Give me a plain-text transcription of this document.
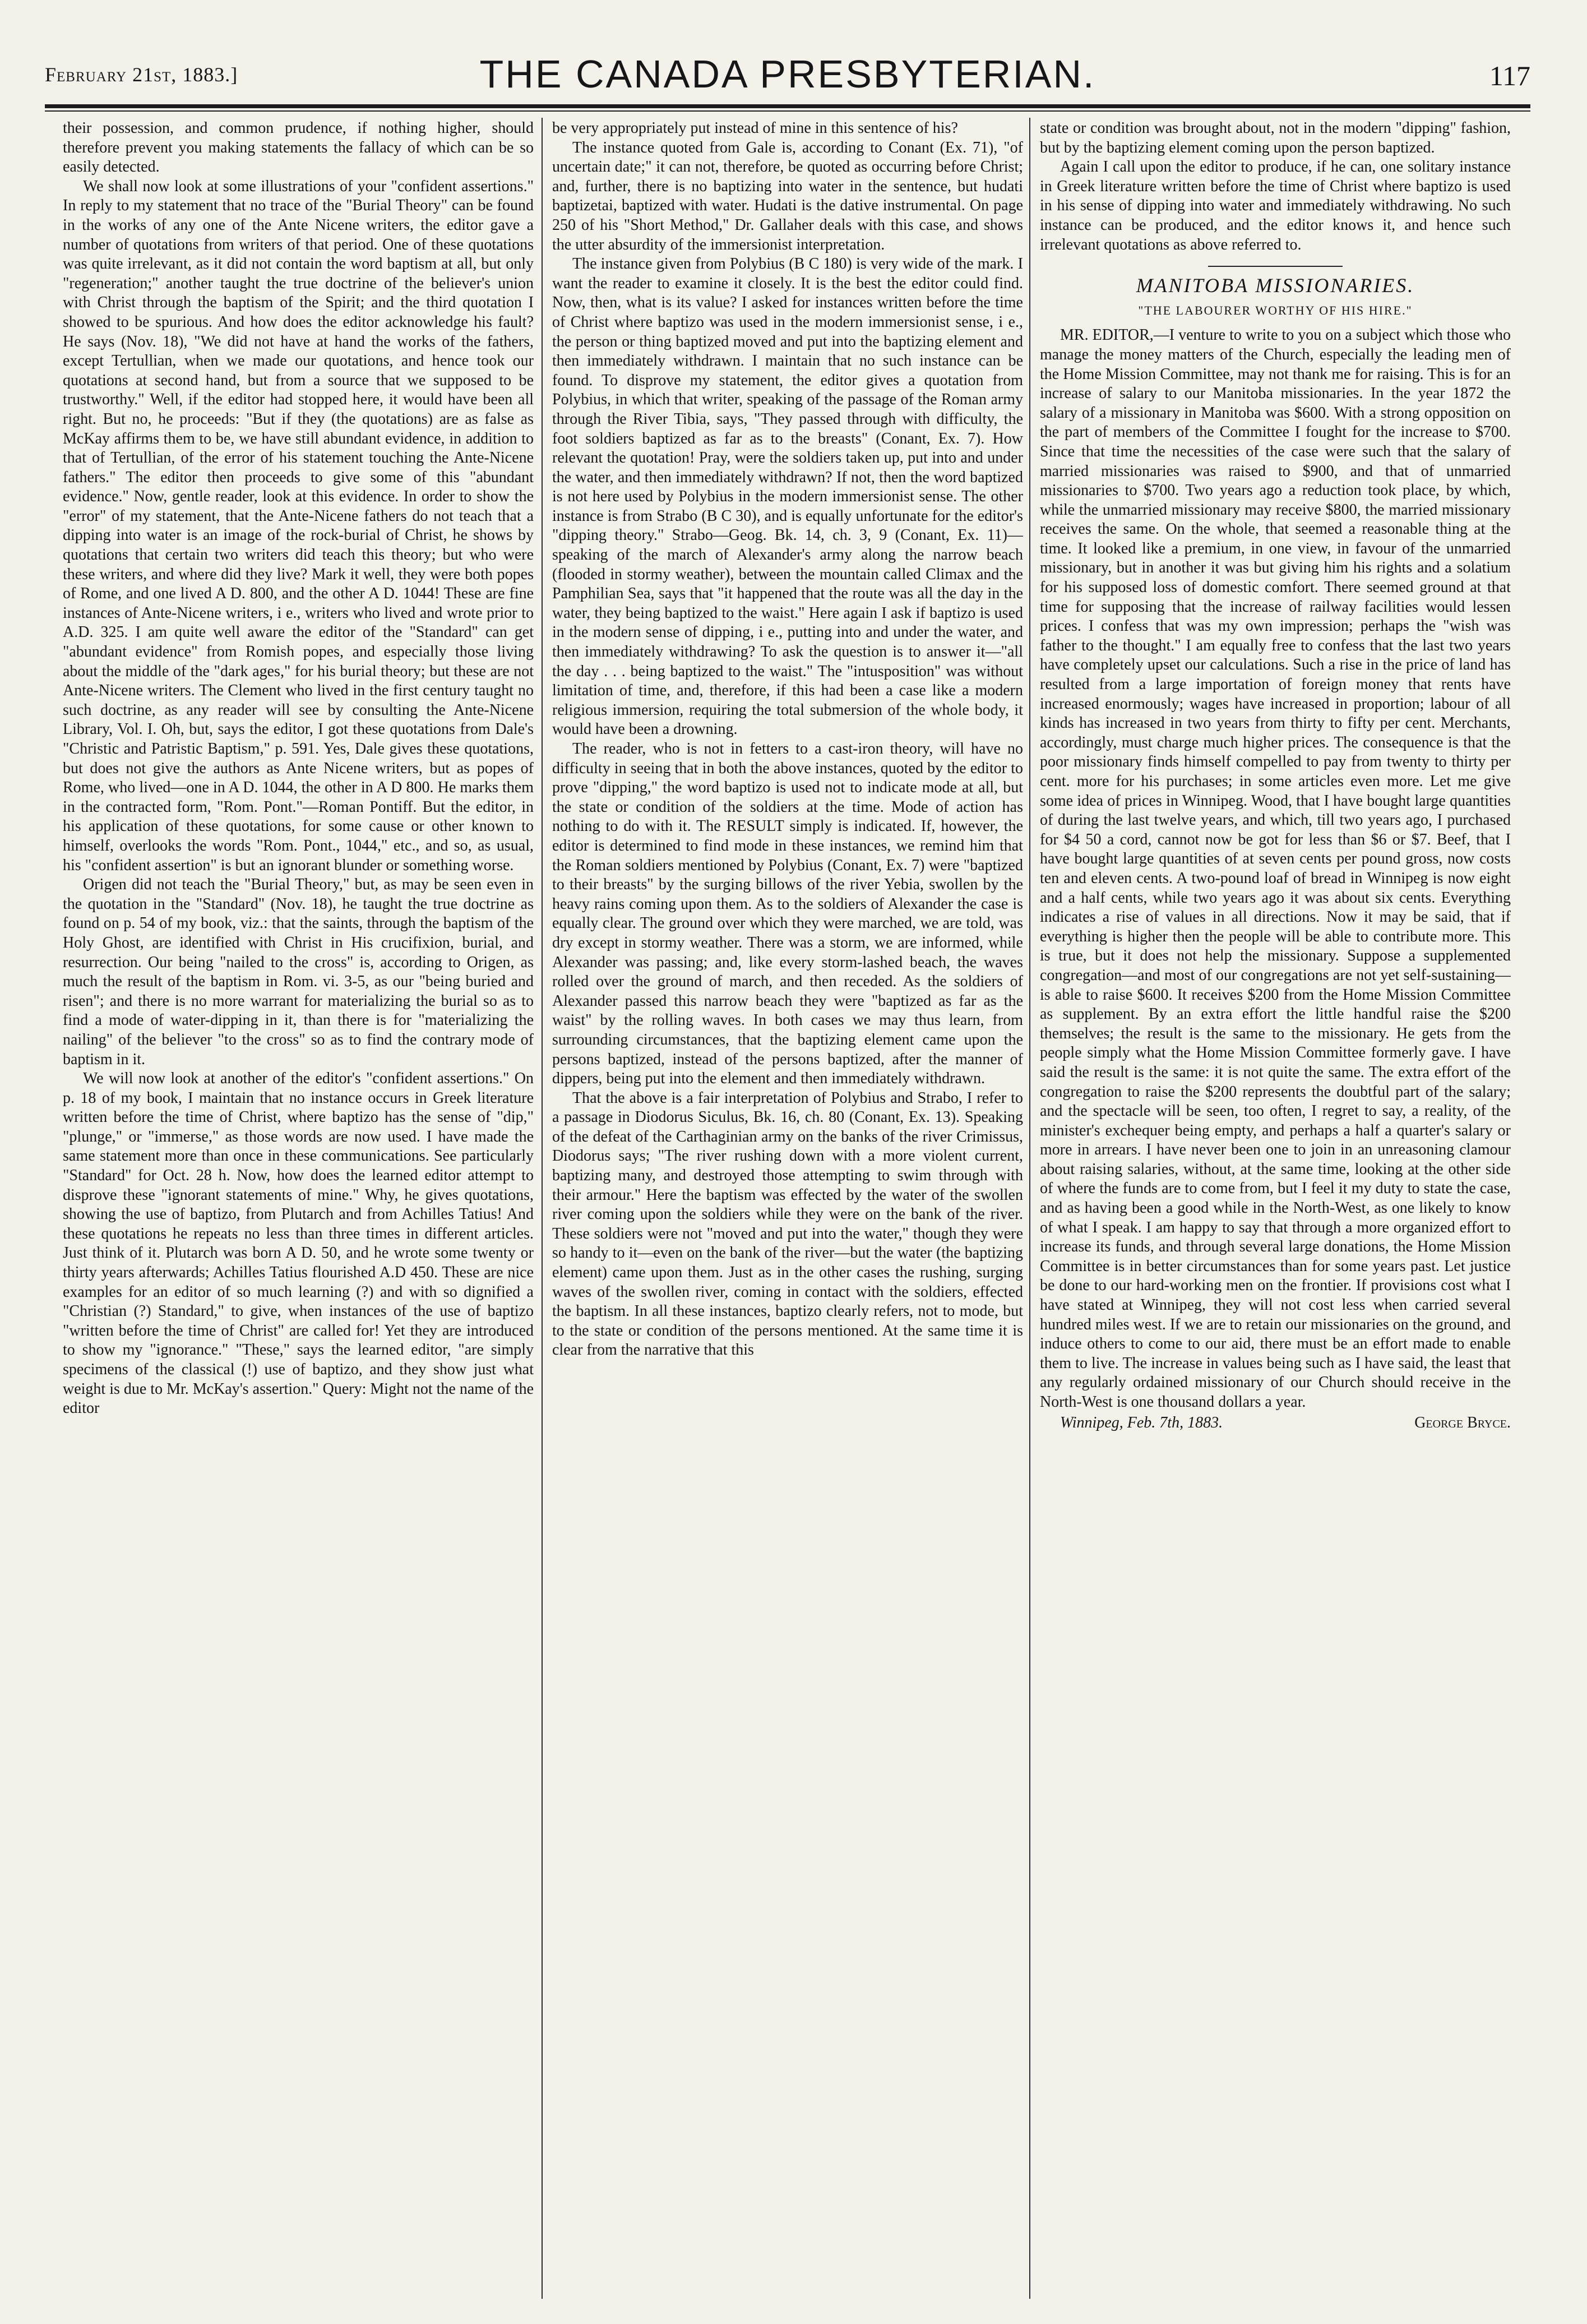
February 21st, 1883.]	THE CANADA PRESBYTERIAN.	117

their possession, and common prudence, if nothing higher, should therefore prevent you making statements the fallacy of which can be so easily detected.

We shall now look at some illustrations of your "confident assertions." In reply to my statement that no trace of the "Burial Theory" can be found in the works of any one of the Ante Nicene writers, the editor gave a number of quotations from writers of that period. One of these quotations was quite irrelevant, as it did not contain the word baptism at all, but only "regeneration;" another taught the true doctrine of the believer's union with Christ through the baptism of the Spirit; and the third quotation I showed to be spurious. And how does the editor acknowledge his fault? He says (Nov. 18), "We did not have at hand the works of the fathers, except Tertullian, when we made our quotations, and hence took our quotations at second hand, but from a source that we supposed to be trustworthy." Well, if the editor had stopped here, it would have been all right. But no, he proceeds: "But if they (the quotations) are as false as McKay affirms them to be, we have still abundant evidence, in addition to that of Tertullian, of the error of his statement touching the Ante-Nicene fathers." The editor then proceeds to give some of this "abundant evidence." Now, gentle reader, look at this evidence. In order to show the "error" of my statement, that the Ante-Nicene fathers do not teach that a dipping into water is an image of the rock-burial of Christ, he shows by quotations that certain two writers did teach this theory; but who were these writers, and where did they live? Mark it well, they were both popes of Rome, and one lived A D. 800, and the other A D. 1044! These are fine instances of Ante-Nicene writers, i e., writers who lived and wrote prior to A.D. 325. I am quite well aware the editor of the "Standard" can get "abundant evidence" from Romish popes, and especially those living about the middle of the "dark ages," for his burial theory; but these are not Ante-Nicene writers. The Clement who lived in the first century taught no such doctrine, as any reader will see by consulting the Ante-Nicene Library, Vol. I. Oh, but, says the editor, I got these quotations from Dale's "Christic and Patristic Baptism," p. 591. Yes, Dale gives these quotations, but does not give the authors as Ante Nicene writers, but as popes of Rome, who lived—one in A D. 1044, the other in A D 800. He marks them in the contracted form, "Rom. Pont."—Roman Pontiff. But the editor, in his application of these quotations, for some cause or other known to himself, overlooks the words "Rom. Pont., 1044," etc., and so, as usual, his "confident assertion" is but an ignorant blunder or something worse.

Origen did not teach the "Burial Theory," but, as may be seen even in the quotation in the "Standard" (Nov. 18), he taught the true doctrine as found on p. 54 of my book, viz.: that the saints, through the baptism of the Holy Ghost, are identified with Christ in His crucifixion, burial, and resurrection. Our being "nailed to the cross" is, according to Origen, as much the result of the baptism in Rom. vi. 3-5, as our "being buried and risen"; and there is no more warrant for materializing the burial so as to find a mode of water-dipping in it, than there is for "materializing the nailing" of the believer "to the cross" so as to find the contrary mode of baptism in it.

We will now look at another of the editor's "confident assertions." On p. 18 of my book, I maintain that no instance occurs in Greek literature written before the time of Christ, where baptizo has the sense of "dip," "plunge," or "immerse," as those words are now used. I have made the same statement more than once in these communications. See particularly "Standard" for Oct. 28 h. Now, how does the learned editor attempt to disprove these "ignorant statements of mine." Why, he gives quotations, showing the use of baptizo, from Plutarch and from Achilles Tatius! And these quotations he repeats no less than three times in different articles. Just think of it. Plutarch was born A D. 50, and he wrote some twenty or thirty years afterwards; Achilles Tatius flourished A.D 450. These are nice examples for an editor of so much learning (?) and with so dignified a "Christian (?) Standard," to give, when instances of the use of baptizo "written before the time of Christ" are called for! Yet they are introduced to show my "ignorance." "These," says the learned editor, "are simply specimens of the classical (!) use of baptizo, and they show just what weight is due to Mr. McKay's assertion." Query: Might not the name of the editor

be very appropriately put instead of mine in this sentence of his?

The instance quoted from Gale is, according to Conant (Ex. 71), "of uncertain date;" it can not, therefore, be quoted as occurring before Christ; and, further, there is no baptizing into water in the sentence, but hudati baptizetai, baptized with water. Hudati is the dative instrumental. On page 250 of his "Short Method," Dr. Gallaher deals with this case, and shows the utter absurdity of the immersionist interpretation.

The instance given from Polybius (B C 180) is very wide of the mark. I want the reader to examine it closely. It is the best the editor could find. Now, then, what is its value? I asked for instances written before the time of Christ where baptizo was used in the modern immersionist sense, i e., the person or thing baptized moved and put into the baptizing element and then immediately withdrawn. I maintain that no such instance can be found. To disprove my statement, the editor gives a quotation from Polybius, in which that writer, speaking of the passage of the Roman army through the River Tibia, says, "They passed through with difficulty, the foot soldiers baptized as far as to the breasts" (Conant, Ex. 7). How relevant the quotation! Pray, were the soldiers taken up, put into and under the water, and then immediately withdrawn? If not, then the word baptized is not here used by Polybius in the modern immersionist sense. The other instance is from Strabo (B C 30), and is equally unfortunate for the editor's "dipping theory." Strabo—Geog. Bk. 14, ch. 3, 9 (Conant, Ex. 11)—speaking of the march of Alexander's army along the narrow beach (flooded in stormy weather), between the mountain called Climax and the Pamphilian Sea, says that "it happened that the route was all the day in the water, they being baptized to the waist." Here again I ask if baptizo is used in the modern sense of dipping, i e., putting into and under the water, and then immediately withdrawing? To ask the question is to answer it—"all the day . . . being baptized to the waist." The "intusposition" was without limitation of time, and, therefore, if this had been a case like a modern religious immersion, requiring the total submersion of the whole body, it would have been a drowning.

The reader, who is not in fetters to a cast-iron theory, will have no difficulty in seeing that in both the above instances, quoted by the editor to prove "dipping," the word baptizo is used not to indicate mode at all, but the state or condition of the soldiers at the time. Mode of action has nothing to do with it. The RESULT simply is indicated. If, however, the editor is determined to find mode in these instances, we remind him that the Roman soldiers mentioned by Polybius (Conant, Ex. 7) were "baptized to their breasts" by the surging billows of the river Yebia, swollen by the heavy rains coming upon them. As to the soldiers of Alexander the case is equally clear. The ground over which they were marched, we are told, was dry except in stormy weather. There was a storm, we are informed, while Alexander was passing; and, like every storm-lashed beach, the waves rolled over the ground of march, and then receded. As the soldiers of Alexander passed this narrow beach they were "baptized as far as the waist" by the rolling waves. In both cases we may thus learn, from surrounding circumstances, that the baptizing element came upon the persons baptized, instead of the persons baptized, after the manner of dippers, being put into the element and then immediately withdrawn.

That the above is a fair interpretation of Polybius and Strabo, I refer to a passage in Diodorus Siculus, Bk. 16, ch. 80 (Conant, Ex. 13). Speaking of the defeat of the Carthaginian army on the banks of the river Crimissus, Diodorus says; "The river rushing down with a more violent current, baptizing many, and destroyed those attempting to swim through with their armour." Here the baptism was effected by the water of the swollen river coming upon the soldiers while they were on the bank of the river. These soldiers were not "moved and put into the water," though they were so handy to it—even on the bank of the river—but the water (the baptizing element) came upon them. Just as in the other cases the rushing, surging waves of the swollen river, coming in contact with the soldiers, effected the baptism. In all these instances, baptizo clearly refers, not to mode, but to the state or condition of the persons mentioned. At the same time it is clear from the narrative that this

state or condition was brought about, not in the modern "dipping" fashion, but by the baptizing element coming upon the person baptized.

Again I call upon the editor to produce, if he can, one solitary instance in Greek literature written before the time of Christ where baptizo is used in his sense of dipping into water and immediately withdrawing. No such instance can be produced, and the editor knows it, and hence such irrelevant quotations as above referred to.

MANITOBA MISSIONARIES.
"THE LABOURER WORTHY OF HIS HIRE."

MR. EDITOR,—I venture to write to you on a subject which those who manage the money matters of the Church, especially the leading men of the Home Mission Committee, may not thank me for raising. This is for an increase of salary to our Manitoba missionaries. In the year 1872 the salary of a missionary in Manitoba was $600. With a strong opposition on the part of members of the Committee I fought for the increase to $700. Since that time the necessities of the case were such that the salary of married missionaries was raised to $900, and that of unmarried missionaries to $700. Two years ago a reduction took place, by which, while the unmarried missionary may receive $800, the married missionary receives the same. On the whole, that seemed a reasonable thing at the time. It looked like a premium, in one view, in favour of the unmarried missionary, but in another it was but giving him his rights and a solatium for his supposed loss of domestic comfort. There seemed ground at that time for supposing that the increase of railway facilities would lessen prices. I confess that was my own impression; perhaps the "wish was father to the thought." I am equally free to confess that the last two years have completely upset our calculations. Such a rise in the price of land has resulted from a large importation of foreign money that rents have increased enormously; wages have increased in proportion; labour of all kinds has increased in two years from thirty to fifty per cent. Merchants, accordingly, must charge much higher prices. The consequence is that the poor missionary finds himself compelled to pay from twenty to thirty per cent. more for his purchases; in some articles even more. Let me give some idea of prices in Winnipeg. Wood, that I have bought large quantities of during the last twelve years, and which, till two years ago, I purchased for $4 50 a cord, cannot now be got for less than $6 or $7. Beef, that I have bought large quantities of at seven cents per pound gross, now costs ten and eleven cents. A two-pound loaf of bread in Winnipeg is now eight and a half cents, while two years ago it was about six cents. Everything indicates a rise of values in all directions. Now it may be said, that if everything is higher then the people will be able to contribute more. This is true, but it does not help the missionary. Suppose a supplemented congregation—and most of our congregations are not yet self-sustaining—is able to raise $600. It receives $200 from the Home Mission Committee as supplement. By an extra effort the little handful raise the $200 themselves; the result is the same to the missionary. He gets from the people simply what the Home Mission Committee formerly gave. I have said the result is the same: it is not quite the same. The extra effort of the congregation to raise the $200 represents the doubtful part of the salary; and the spectacle will be seen, too often, I regret to say, a reality, of the minister's exchequer being empty, and perhaps a half a quarter's salary or more in arrears. I have never been one to join in an unreasoning clamour about raising salaries, without, at the same time, looking at the other side of where the funds are to come from, but I feel it my duty to state the case, and as having been a good while in the North-West, as one likely to know of what I speak. I am happy to say that through a more organized effort to increase its funds, and through several large donations, the Home Mission Committee is in better circumstances than for some years past. Let justice be done to our hard-working men on the frontier. If provisions cost what I have stated at Winnipeg, they will not cost less when carried several hundred miles west. If we are to retain our missionaries on the ground, and induce others to come to our aid, there must be an effort made to enable them to live. The increase in values being such as I have said, the least that any regularly ordained missionary of our Church should receive in the North-West is one thousand dollars a year.

Winnipeg, Feb. 7th, 1883.	George Bryce.
